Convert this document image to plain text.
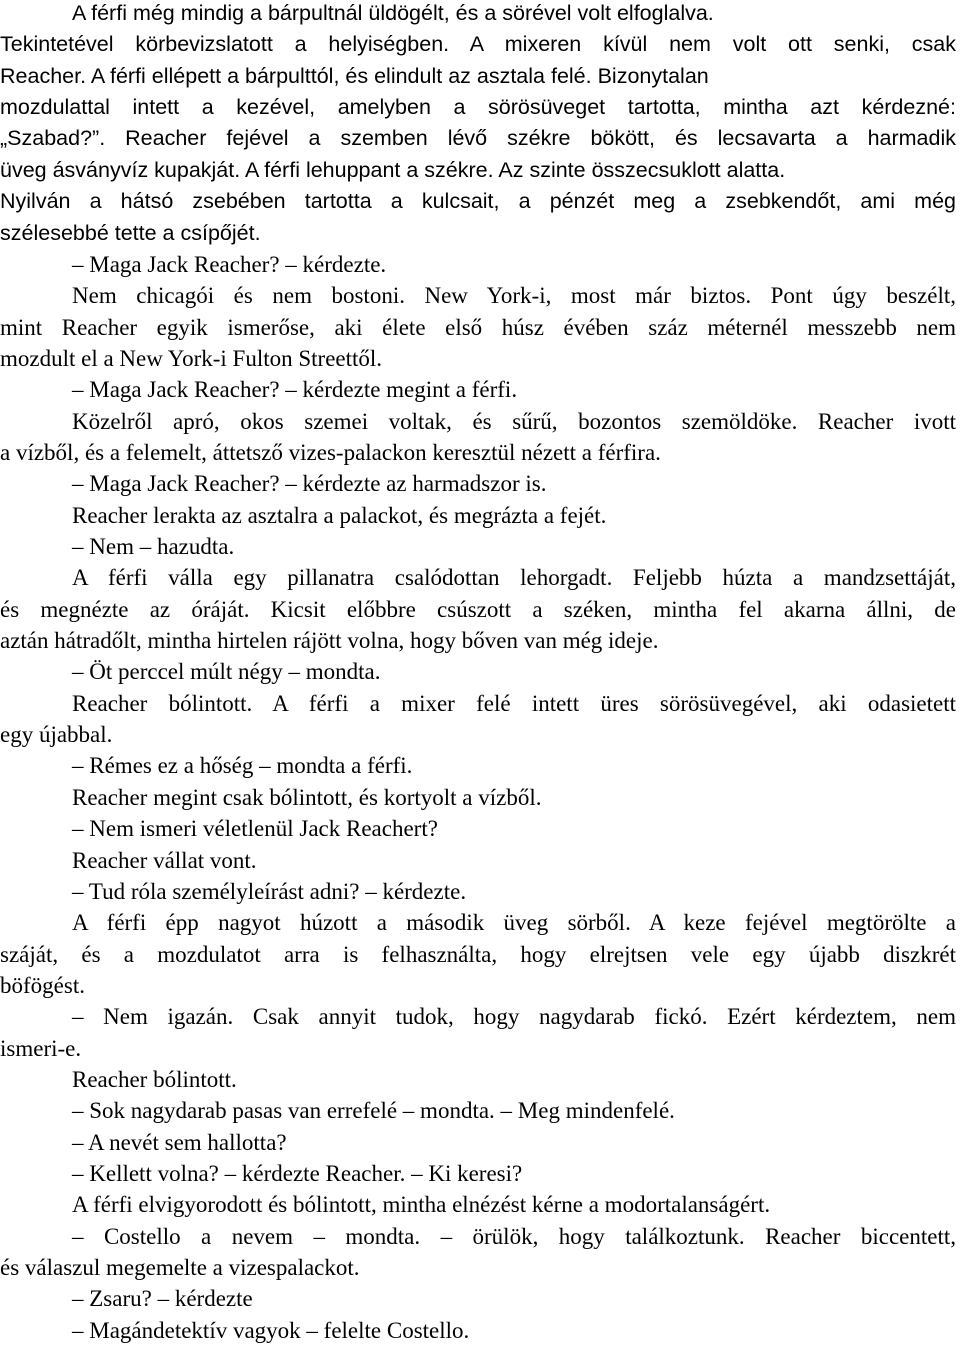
A férfi még mindig a bárpultnál üldögélt, és a sörével volt elfoglalva.
Tekintetével körbevizslatott a helyiségben. A mixeren kívül nem volt ott senki, csak
Reacher. A férfi ellépett a bárpulttól, és elindult az asztala felé. Bizonytalan
mozdulattal intett a kezével, amelyben a sörösüveget tartotta, mintha azt kérdezné:
„Szabad?”. Reacher fejével a szemben lévő székre bökött, és lecsavarta a harmadik
üveg ásványvíz kupakját. A férfi lehuppant a székre. Az szinte összecsuklott alatta.
Nyilván a hátsó zsebében tartotta a kulcsait, a pénzét meg a zsebkendőt, ami még
szélesebbé tette a csípőjét.
– Maga Jack Reacher? – kérdezte.
Nem chicagói és nem bostoni. New York-i, most már biztos. Pont úgy beszélt,
mint Reacher egyik ismerőse, aki élete első húsz évében száz méternél messzebb nem
mozdult el a New York-i Fulton Streettől.
– Maga Jack Reacher? – kérdezte megint a férfi.
Közelről apró, okos szemei voltak, és sűrű, bozontos szemöldöke. Reacher ivott
a vízből, és a felemelt, áttetsző vizes-palackon keresztül nézett a férfira.
– Maga Jack Reacher? – kérdezte az harmadszor is.
Reacher lerakta az asztalra a palackot, és megrázta a fejét.
– Nem – hazudta.
A férfi válla egy pillanatra csalódottan lehorgadt. Feljebb húzta a mandzsettáját,
és megnézte az óráját. Kicsit előbbre csúszott a széken, mintha fel akarna állni, de
aztán hátradőlt, mintha hirtelen rájött volna, hogy bőven van még ideje.
– Öt perccel múlt négy – mondta.
Reacher bólintott. A férfi a mixer felé intett üres sörösüvegével, aki odasietett
egy újabbal.
– Rémes ez a hőség – mondta a férfi.
Reacher megint csak bólintott, és kortyolt a vízből.
– Nem ismeri véletlenül Jack Reachert?
Reacher vállat vont.
– Tud róla személyleírást adni? – kérdezte.
A férfi épp nagyot húzott a második üveg sörből. A keze fejével megtörölte a
száját, és a mozdulatot arra is felhasználta, hogy elrejtsen vele egy újabb diszkrét
böfögést.
– Nem igazán. Csak annyit tudok, hogy nagydarab fickó. Ezért kérdeztem, nem
ismeri-e.
Reacher bólintott.
– Sok nagydarab pasas van errefelé – mondta. – Meg mindenfelé.
– A nevét sem hallotta?
– Kellett volna? – kérdezte Reacher. – Ki keresi?
A férfi elvigyorodott és bólintott, mintha elnézést kérne a modortalanságért.
– Costello a nevem – mondta. – örülök, hogy találkoztunk. Reacher biccentett,
és válaszul megemelte a vizespalackot.
– Zsaru? – kérdezte
– Magándetektív vagyok – felelte Costello.
